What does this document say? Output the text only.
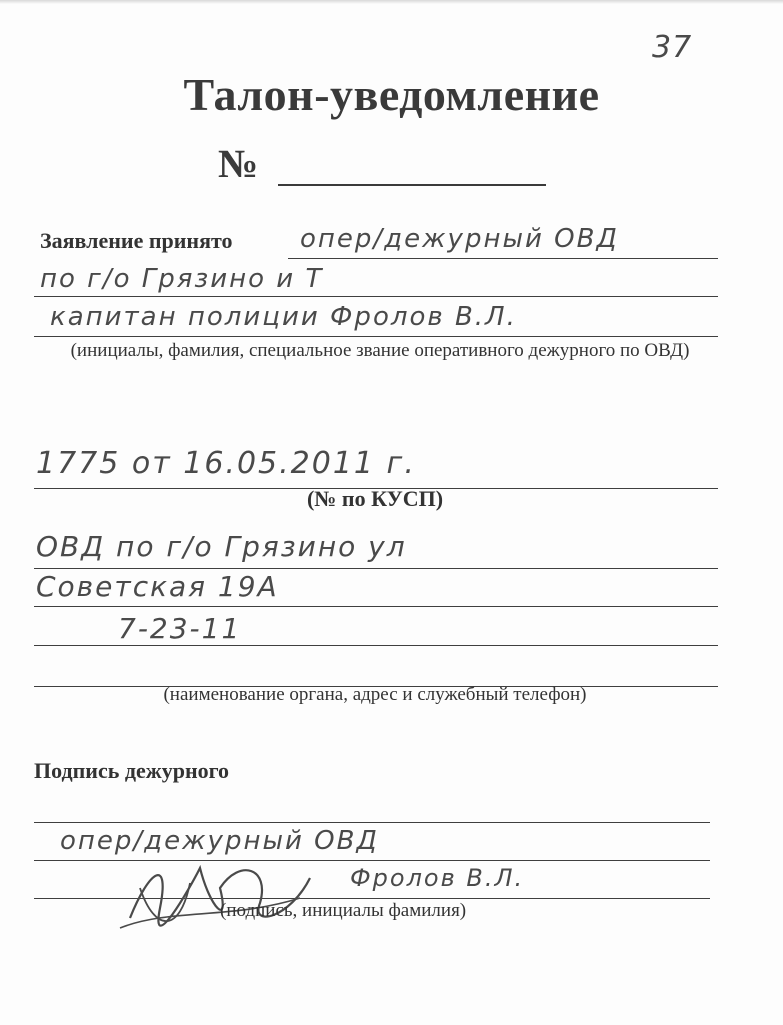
37
Талон-уведомление
№
Заявление принято	опер/дежурный ОВД
по г/о Грязино и Т
капитан полиции Фролов В.Л.
(инициалы, фамилия, специальное звание оперативного дежурного по ОВД)
1775 от 16.05.2011 г.
(№ по КУСП)
ОВД по г/о Грязино ул
Советская 19А
7-23-11
(наименование органа, адрес и служебный телефон)
Подпись дежурного
опер/дежурный ОВД
Фролов В.Л.
(подпись, инициалы фамилия)
